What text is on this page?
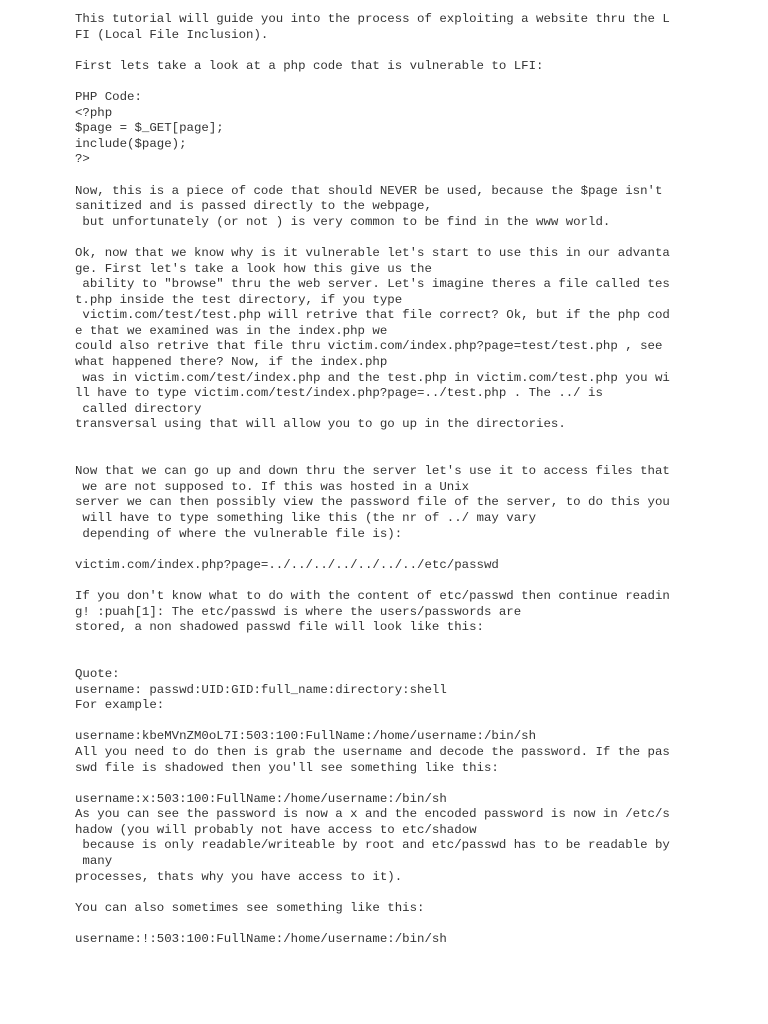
This tutorial will guide you into the process of exploiting a website thru the L
FI (Local File Inclusion).
First lets take a look at a php code that is vulnerable to LFI:
PHP Code:
<?php
$page = $_GET[page];
include($page);
?>
Now, this is a piece of code that should NEVER be used, because the $page isn't
sanitized and is passed directly to the webpage,
but unfortunately (or not ) is very common to be find in the www world.
Ok, now that we know why is it vulnerable let's start to use this in our advanta
ge. First let's take a look how this give us the
ability to "browse" thru the web server. Let's imagine theres a file called tes
t.php inside the test directory, if you type
victim.com/test/test.php will retrive that file correct? Ok, but if the php cod
e that we examined was in the index.php we
could also retrive that file thru victim.com/index.php?page=test/test.php , see
what happened there? Now, if the index.php
was in victim.com/test/index.php and the test.php in victim.com/test.php you wi
ll have to type victim.com/test/index.php?page=../test.php . The ../ is
called directory
transversal using that will allow you to go up in the directories.
Now that we can go up and down thru the server let's use it to access files that
we are not supposed to. If this was hosted in a Unix
server we can then possibly view the password file of the server, to do this you
will have to type something like this (the nr of ../ may vary
depending of where the vulnerable file is):
victim.com/index.php?page=../../../../../../../etc/passwd
If you don't know what to do with the content of etc/passwd then continue readin
g! :puah[1]: The etc/passwd is where the users/passwords are
stored, a non shadowed passwd file will look like this:
Quote:
username: passwd:UID:GID:full_name:directory:shell
For example:
username:kbeMVnZM0oL7I:503:100:FullName:/home/username:/bin/sh
All you need to do then is grab the username and decode the password. If the pas
swd file is shadowed then you'll see something like this:
username:x:503:100:FullName:/home/username:/bin/sh
As you can see the password is now a x and the encoded password is now in /etc/s
hadow (you will probably not have access to etc/shadow
because is only readable/writeable by root and etc/passwd has to be readable by
many
processes, thats why you have access to it).
You can also sometimes see something like this:
username:!:503:100:FullName:/home/username:/bin/sh
